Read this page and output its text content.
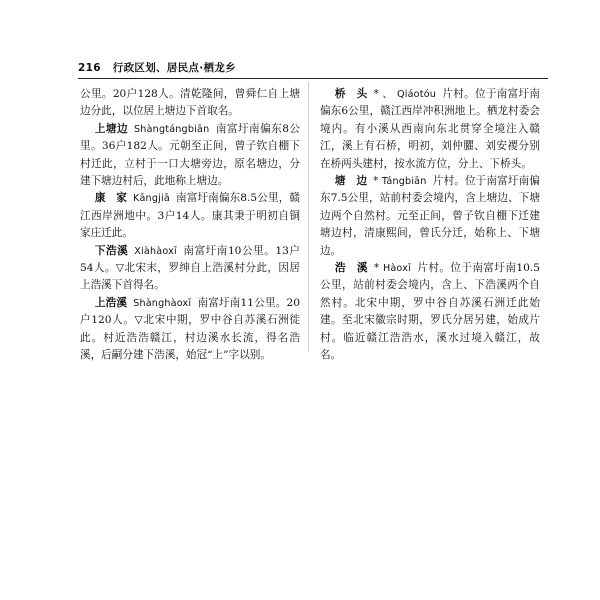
216 行政区划、居民点·栖龙乡

公里。20户128人。清乾隆间，曾舜仁自上塘边分此，以位居上塘边下首取名。

上塘边 Shàngtángbiān 南富圩南偏东8公里。36户182人。元朝至正间，曾子钦自棚下村迁此，立村于一口大塘旁边，原名塘边，分建下塘边村后，此地称上塘边。

康　家 Kāngjiā 南富圩南偏东8.5公里，赣江西岸洲地中。3户14人。康其秉于明初自铜家庄迁此。

下浩溪 Xiàhàoxī 南富圩南10公里。13户54人。▽北宋末，罗绅自上浩溪村分此，因居上浩溪下首得名。

上浩溪 Shànghàoxī 南富圩南11公里。20户120人。▽北宋中期，罗中谷自苏溪石洲徙此。村近浩浩赣江，村边溪水长流，得名浩溪，后嗣分建下浩溪，始冠“上”字以别。

桥　头 * 、 Qiáotóu 片村。位于南富圩南偏东6公里，赣江西岸冲积洲地上。栖龙村委会境内。有小溪从西南向东北贯穿全境注入赣江，溪上有石桥，明初，刘仲臞、刘安禝分别在桥两头建村，按水流方位，分上、下桥头。

塘　边 * Tángbiān 片村。位于南富圩南偏东7.5公里，站前村委会境内，含上塘边、下塘边两个自然村。元至正间，曾子钦自棚下迁建塘边村，清康熙间，曾氏分迁，始称上、下塘边。

浩　溪 * Hàoxī 片村。位于南富圩南10.5公里，站前村委会境内，含上、下浩溪两个自然村。北宋中期，罗中谷自苏溪石洲迁此始建。至北宋徽宗时期，罗氏分居另建，始成片村。临近赣江浩浩水，溪水过境入赣江，故名。
